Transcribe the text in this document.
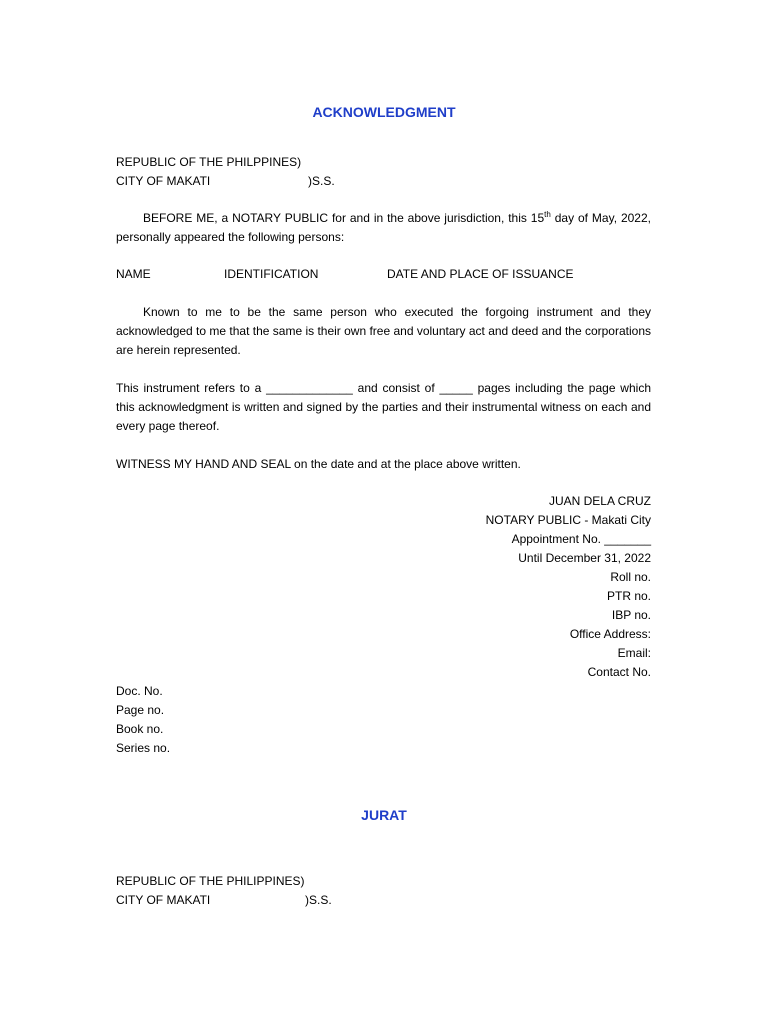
ACKNOWLEDGMENT
REPUBLIC OF THE PHILPPINES)
CITY OF MAKATI	)S.S.
BEFORE ME, a NOTARY PUBLIC for and in the above jurisdiction, this 15th day of May, 2022, personally appeared the following persons:
NAME	IDENTIFICATION	DATE AND PLACE OF ISSUANCE
Known to me to be the same person who executed the forgoing instrument and they acknowledged to me that the same is their own free and voluntary act and deed and the corporations are herein represented.
This instrument refers to a _____________ and consist of _____ pages including the page which this acknowledgment is written and signed by the parties and their instrumental witness on each and every page thereof.
WITNESS MY HAND AND SEAL on the date and at the place above written.
JUAN DELA CRUZ
NOTARY PUBLIC - Makati City
Appointment No. _______
Until December 31, 2022
Roll no.
PTR no.
IBP no.
Office Address:
Email:
Contact No.
Doc. No.
Page no.
Book no.
Series no.
JURAT
REPUBLIC OF THE PHILIPPINES)
CITY OF MAKATI	)S.S.
